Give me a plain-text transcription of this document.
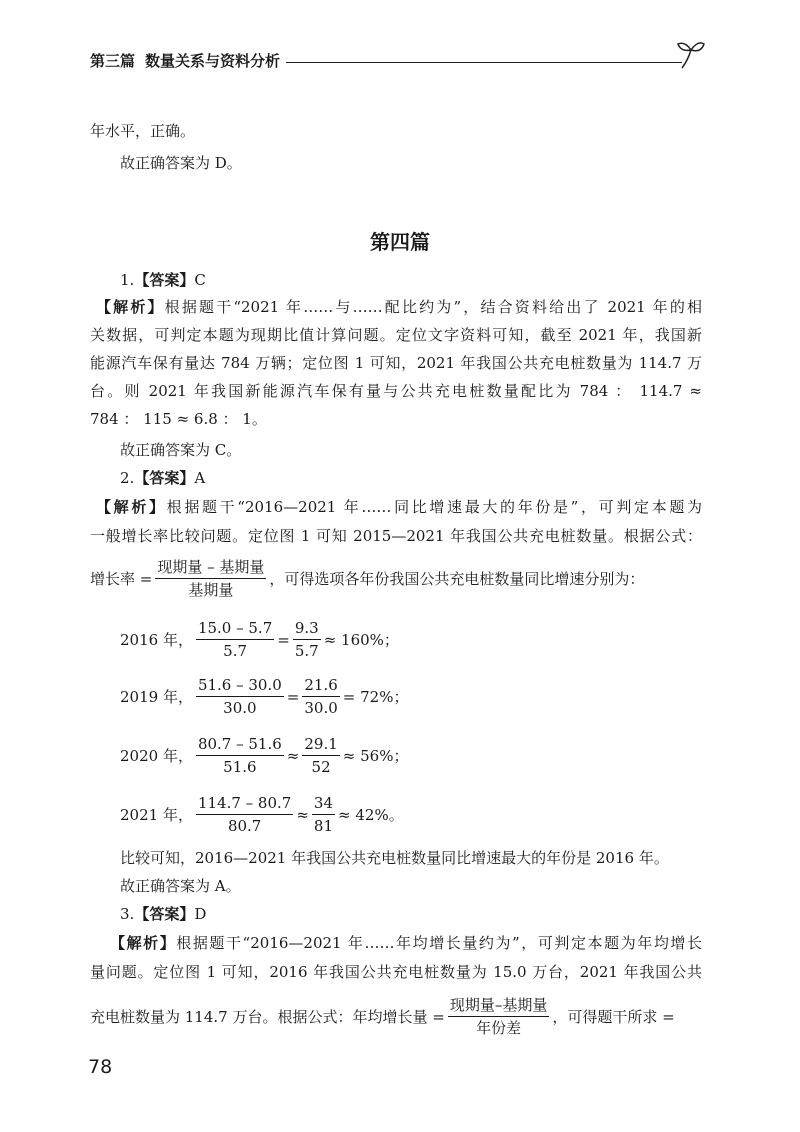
第三篇 数量关系与资料分析
年水平，正确。
故正确答案为 D。
第四篇
1.【答案】C
【解析】根据题干“2021 年……与……配比约为”，结合资料给出了 2021 年的相
关数据，可判定本题为现期比值计算问题。定位文字资料可知，截至 2021 年，我国新
能源汽车保有量达 784 万辆；定位图 1 可知，2021 年我国公共充电桩数量为 114.7 万
台。则 2021 年我国新能源汽车保有量与公共充电桩数量配比为 784 ： 114.7 ≈
784 ： 115 ≈ 6.8 ： 1。
故正确答案为 C。
2.【答案】A
【解析】根据题干“2016—2021 年……同比增速最大的年份是”，可判定本题为
一般增长率比较问题。定位图 1 可知 2015—2021 年我国公共充电桩数量。根据公式：
增长率 = $\frac{\text{现期量 – 基期量}}{\text{基期量}}$ ，可得选项各年份我国公共充电桩数量同比增速分别为：
2016 年， $\frac{15.0 - 5.7}{5.7} = \frac{9.3}{5.7} \approx 160\%$；
2019 年， $\frac{51.6 - 30.0}{30.0} = \frac{21.6}{30.0} = 72\%$；
2020 年， $\frac{80.7 - 51.6}{51.6} \approx \frac{29.1}{52} \approx 56\%$；
2021 年， $\frac{114.7 - 80.7}{80.7} \approx \frac{34}{81} \approx 42\%$。
比较可知，2016—2021 年我国公共充电桩数量同比增速最大的年份是 2016 年。
故正确答案为 A。
3.【答案】D
【解析】根据题干“2016—2021 年……年均增长量约为”，可判定本题为年均增长
量问题。定位图 1 可知，2016 年我国公共充电桩数量为 15.0 万台，2021 年我国公共
充电桩数量为 114.7 万台。根据公式：年均增长量 = $\frac{\text{现期量–基期量}}{\text{年份差}}$ ，可得题干所求 =
78
